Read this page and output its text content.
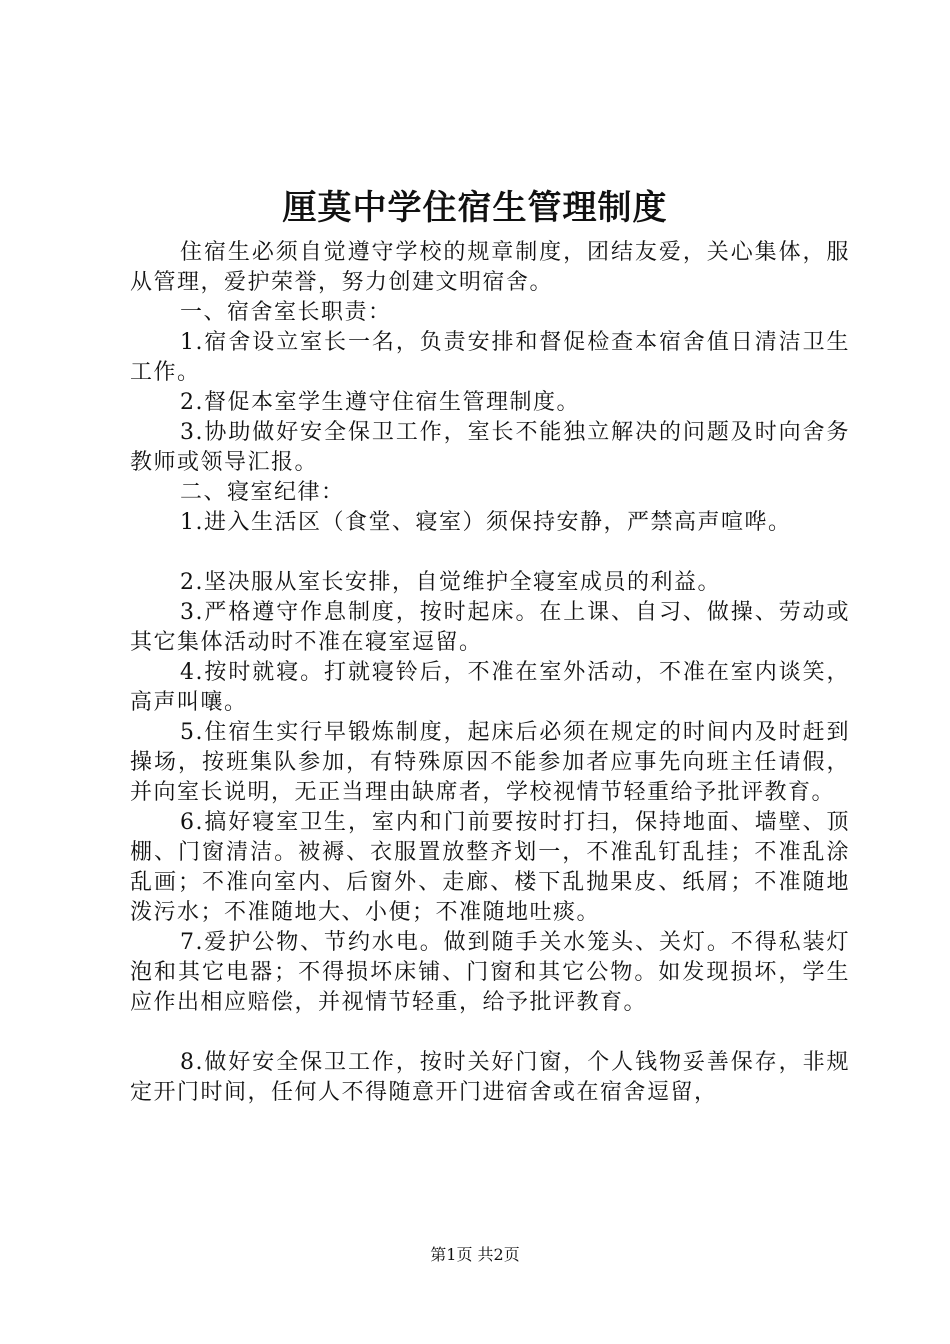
厘莫中学住宿生管理制度

住宿生必须自觉遵守学校的规章制度，团结友爱，关心集体，服从管理，爱护荣誉，努力创建文明宿舍。

一、宿舍室长职责：

1.宿舍设立室长一名，负责安排和督促检查本宿舍值日清洁卫生工作。

2.督促本室学生遵守住宿生管理制度。

3.协助做好安全保卫工作，室长不能独立解决的问题及时向舍务教师或领导汇报。

二、寝室纪律：

1.进入生活区（食堂、寝室）须保持安静，严禁高声喧哗。

2.坚决服从室长安排，自觉维护全寝室成员的利益。

3.严格遵守作息制度，按时起床。在上课、自习、做操、劳动或其它集体活动时不准在寝室逗留。

4.按时就寝。打就寝铃后，不准在室外活动，不准在室内谈笑，高声叫嚷。

5.住宿生实行早锻炼制度，起床后必须在规定的时间内及时赶到操场，按班集队参加，有特殊原因不能参加者应事先向班主任请假，并向室长说明，无正当理由缺席者，学校视情节轻重给予批评教育。

6.搞好寝室卫生，室内和门前要按时打扫，保持地面、墙壁、顶棚、门窗清洁。被褥、衣服置放整齐划一，不准乱钉乱挂；不准乱涂乱画；不准向室内、后窗外、走廊、楼下乱抛果皮、纸屑；不准随地泼污水；不准随地大、小便；不准随地吐痰。

7.爱护公物、节约水电。做到随手关水笼头、关灯。不得私装灯泡和其它电器；不得损坏床铺、门窗和其它公物。如发现损坏，学生应作出相应赔偿，并视情节轻重，给予批评教育。

8.做好安全保卫工作，按时关好门窗，个人钱物妥善保存，非规定开门时间，任何人不得随意开门进宿舍或在宿舍逗留，

第1页 共2页
